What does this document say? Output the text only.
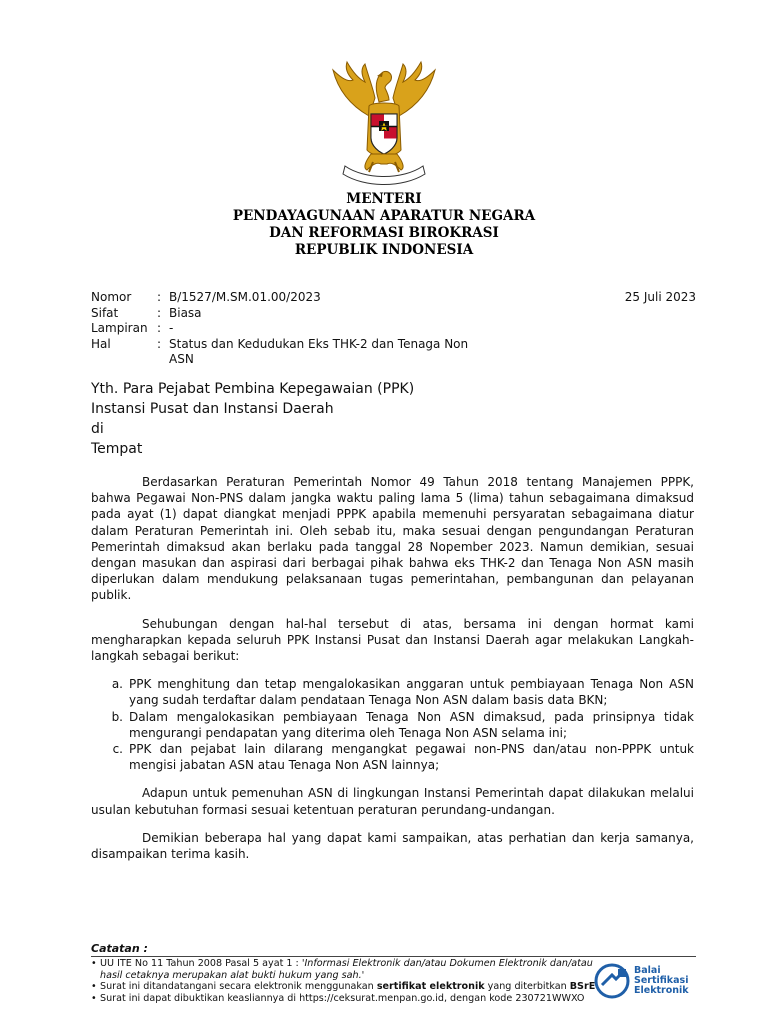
MENTERI
PENDAYAGUNAAN APARATUR NEGARA
DAN REFORMASI BIROKRASI
REPUBLIK INDONESIA
25 Juli 2023
Nomor	: B/1527/M.SM.01.00/2023
Sifat	: Biasa
Lampiran : -
Hal	: Status dan Kedudukan Eks THK-2 dan Tenaga Non ASN
Yth. Para Pejabat Pembina Kepegawaian (PPK)
Instansi Pusat dan Instansi Daerah
di
Tempat

Berdasarkan Peraturan Pemerintah Nomor 49 Tahun 2018 tentang Manajemen PPPK, bahwa Pegawai Non-PNS dalam jangka waktu paling lama 5 (lima) tahun sebagaimana dimaksud pada ayat (1) dapat diangkat menjadi PPPK apabila memenuhi persyaratan sebagaimana diatur dalam Peraturan Pemerintah ini. Oleh sebab itu, maka sesuai dengan pengundangan Peraturan Pemerintah dimaksud akan berlaku pada tanggal 28 Nopember 2023. Namun demikian, sesuai dengan masukan dan aspirasi dari berbagai pihak bahwa eks THK-2 dan Tenaga Non ASN masih diperlukan dalam mendukung pelaksanaan tugas pemerintahan, pembangunan dan pelayanan publik.

Sehubungan dengan hal-hal tersebut di atas, bersama ini dengan hormat kami mengharapkan kepada seluruh PPK Instansi Pusat dan Instansi Daerah agar melakukan Langkah-langkah sebagai berikut:

a. PPK menghitung dan tetap mengalokasikan anggaran untuk pembiayaan Tenaga Non ASN yang sudah terdaftar dalam pendataan Tenaga Non ASN dalam basis data BKN;
b. Dalam mengalokasikan pembiayaan Tenaga Non ASN dimaksud, pada prinsipnya tidak mengurangi pendapatan yang diterima oleh Tenaga Non ASN selama ini;
c. PPK dan pejabat lain dilarang mengangkat pegawai non-PNS dan/atau non-PPPK untuk mengisi jabatan ASN atau Tenaga Non ASN lainnya;

Adapun untuk pemenuhan ASN di lingkungan Instansi Pemerintah dapat dilakukan melalui usulan kebutuhan formasi sesuai ketentuan peraturan perundang-undangan.

Demikian beberapa hal yang dapat kami sampaikan, atas perhatian dan kerja samanya, disampaikan terima kasih.

Catatan :
• UU ITE No 11 Tahun 2008 Pasal 5 ayat 1 : 'Informasi Elektronik dan/atau Dokumen Elektronik dan/atau hasil cetaknya merupakan alat bukti hukum yang sah.'
• Surat ini ditandatangani secara elektronik menggunakan sertifikat elektronik yang diterbitkan BSrE
• Surat ini dapat dibuktikan keasliannya di https://ceksurat.menpan.go.id, dengan kode 230721WWXO
Balai
Sertifikasi
Elektronik
